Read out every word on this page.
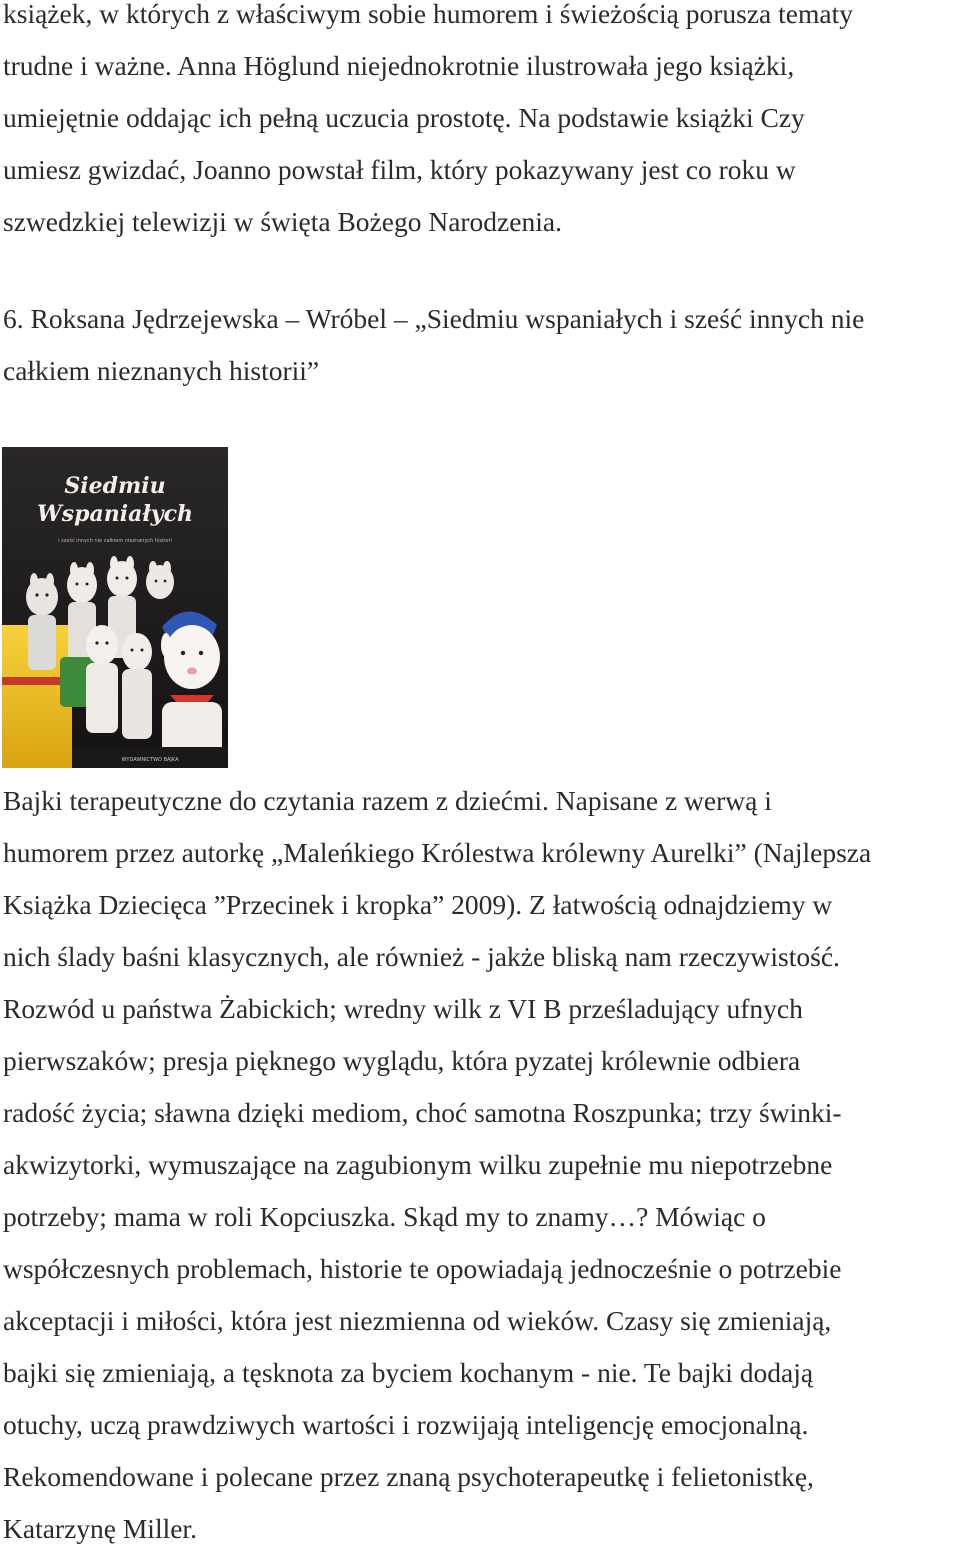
książek, w których z właściwym sobie humorem i świeżością porusza tematy
trudne i ważne. Anna Höglund niejednokrotnie ilustrowała jego książki,
umiejętnie oddając ich pełną uczucia prostotę. Na podstawie książki Czy
umiesz gwizdać, Joanno powstał film, który pokazywany jest co roku w
szwedzkiej telewizji w święta Bożego Narodzenia.
6. Roksana Jędrzejewska – Wróbel – „Siedmiu wspaniałych i sześć innych nie
całkiem nieznanych historii”
Bajki terapeutyczne do czytania razem z dziećmi. Napisane z werwą i
humorem przez autorkę „Maleńkiego Królestwa królewny Aurelki” (Najlepsza
Książka Dziecięca ”Przecinek i kropka” 2009). Z łatwością odnajdziemy w
nich ślady baśni klasycznych, ale również - jakże bliską nam rzeczywistość.
Rozwód u państwa Żabickich; wredny wilk z VI B prześladujący ufnych
pierwszaków; presja pięknego wyglądu, która pyzatej królewnie odbiera
radość życia; sławna dzięki mediom, choć samotna Roszpunka; trzy świnki-
akwizytorki, wymuszające na zagubionym wilku zupełnie mu niepotrzebne
potrzeby; mama w roli Kopciuszka. Skąd my to znamy…? Mówiąc o
współczesnych problemach, historie te opowiadają jednocześnie o potrzebie
akceptacji i miłości, która jest niezmienna od wieków. Czasy się zmieniają,
bajki się zmieniają, a tęsknota za byciem kochanym - nie. Te bajki dodają
otuchy, uczą prawdziwych wartości i rozwijają inteligencję emocjonalną.
Rekomendowane i polecane przez znaną psychoterapeutkę i felietonistkę,
Katarzynę Miller.
Siedmiu
Wspaniałych
i sześć innych nie całkiem nieznanych historii
WYDAWNICTWO BAJKA
